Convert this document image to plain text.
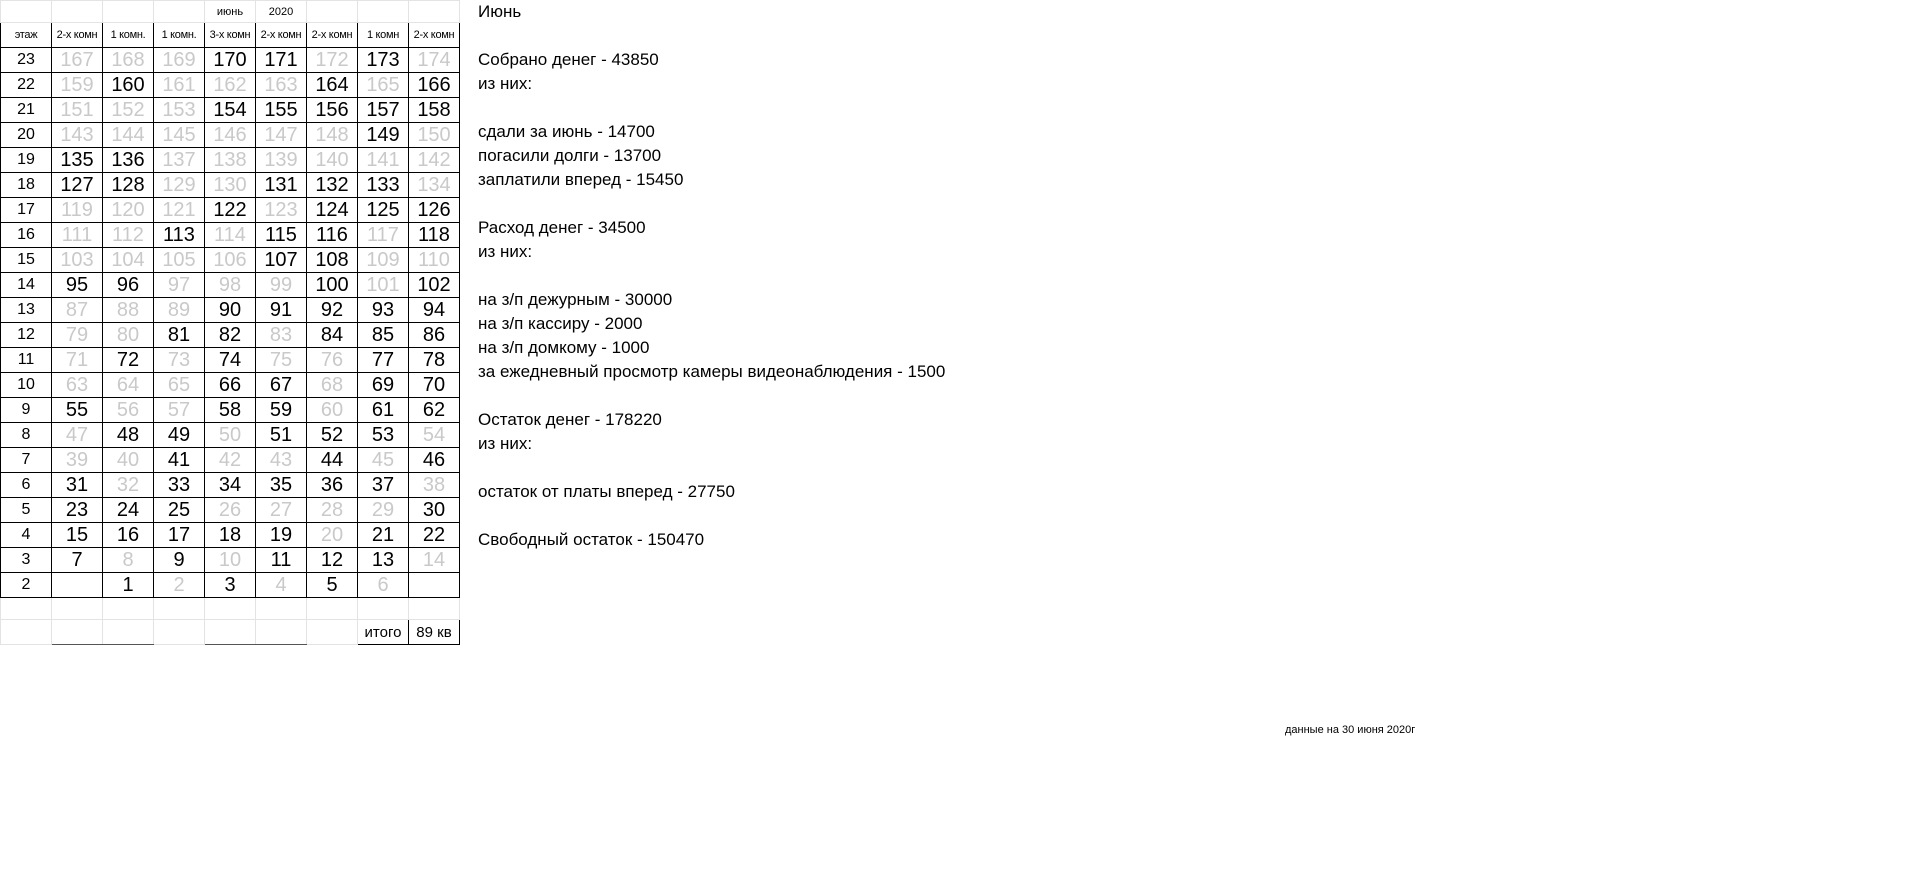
				июнь	2020			
этаж	2-х комн	1 комн.	1 комн.	3-х комн	2-х комн	2-х комн	1 комн	2-х комн
23	167	168	169	170	171	172	173	174
22	159	160	161	162	163	164	165	166
21	151	152	153	154	155	156	157	158
20	143	144	145	146	147	148	149	150
19	135	136	137	138	139	140	141	142
18	127	128	129	130	131	132	133	134
17	119	120	121	122	123	124	125	126
16	111	112	113	114	115	116	117	118
15	103	104	105	106	107	108	109	110
14	95	96	97	98	99	100	101	102
13	87	88	89	90	91	92	93	94
12	79	80	81	82	83	84	85	86
11	71	72	73	74	75	76	77	78
10	63	64	65	66	67	68	69	70
9	55	56	57	58	59	60	61	62
8	47	48	49	50	51	52	53	54
7	39	40	41	42	43	44	45	46
6	31	32	33	34	35	36	37	38
5	23	24	25	26	27	28	29	30
4	15	16	17	18	19	20	21	22
3	7	8	9	10	11	12	13	14
2		1	2	3	4	5	6	

							итого	89 кв
Июнь
Собрано денег - 43850
из них:
сдали за июнь - 14700
погасили долги - 13700
заплатили вперед - 15450
Расход денег - 34500
из них:
на з/п дежурным - 30000
на з/п кассиру - 2000
на з/п домкому - 1000
за ежедневный просмотр камеры видеонаблюдения - 1500
Остаток денег - 178220
из них:
остаток от платы вперед - 27750
Свободный остаток - 150470
данные на 30 июня 2020г
